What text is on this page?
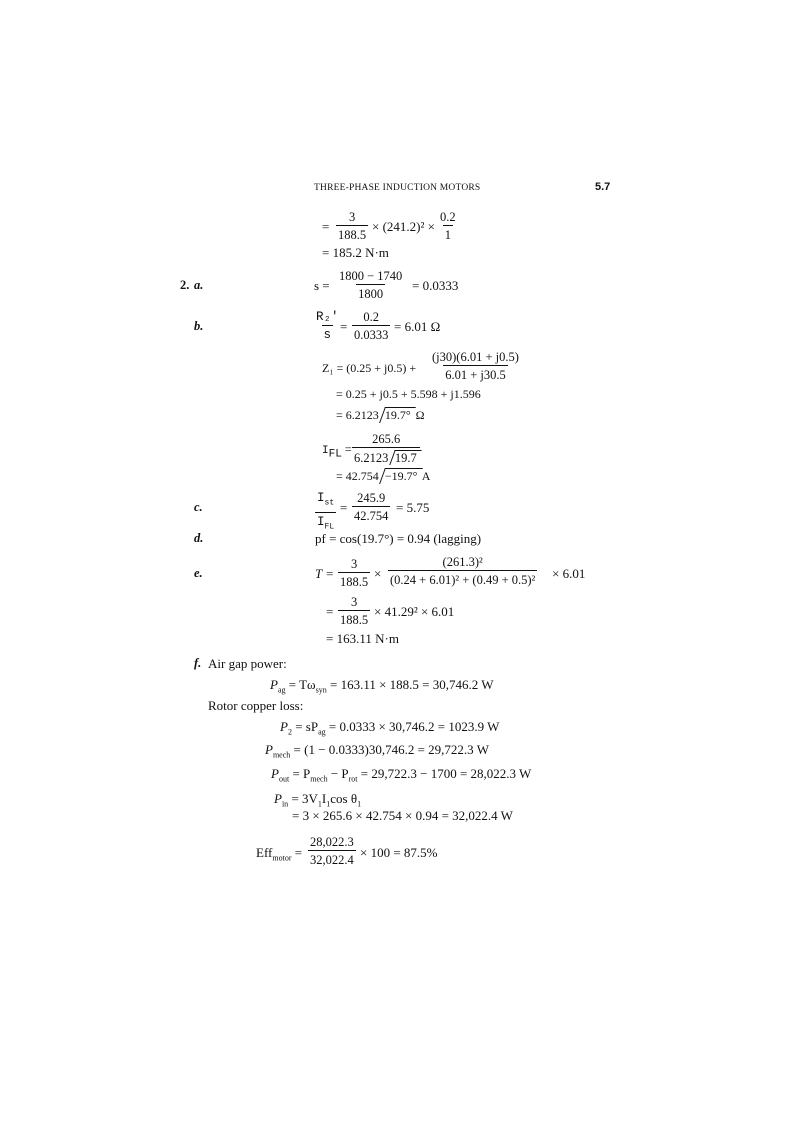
THREE-PHASE INDUCTION MOTORS	5.7
= $\frac{3}{188.5} \times (241.2)^2 \times \frac{0.2}{1}$
= 185.2 N·m
2. a.	$s = \frac{1800 - 1740}{1800} = 0.0333$
b.	$\frac{\text{R₂′}}{s} = \frac{0.2}{0.0333} = 6.01$ Ω
$Z_1 = (0.25 + j0.5) + \frac{(j30)(6.01 + j0.5)}{6.01 + j30.5}$
= 0.25 + j0.5 + 5.598 + j1.596
= 6.2123 19.7° Ω
$I_{FL} = \frac{265.6}{6.2123 19.7}$
= 42.754 −19.7° A
c.
$I_{st}$
$I_{FL}$
= $\frac{245.9}{42.754} = 5.75$
d.	pf = cos(19.7°) = 0.94 (lagging)
e.	$T = \frac{3}{188.5} \times \frac{\text{(261.3)²}}{\text{(0.24 + 6.01)² + (0.49 + 0.5)²}} \times 6.01$
= $\frac{3}{188.5} \times 41.29^2 \times 6.01$
= 163.11 N·m
f. Air gap power:
$P_{ag} = T\omega_{syn} = 163.11 \times 188.5 = 30,746.2$ W
Rotor copper loss:
$P_2 = sP_{ag} = 0.0333 \times 30,746.2 = 1023.9$ W
$P_{mech} = (1 - 0.0333)30,746.2 = 29,722.3$ W
$P_{out} = P_{mech} - P_{rot} = 29,722.3 - 1700 = 28,022.3$ W
$P_{in} = 3V_1I_1\cos$ $\theta_1$
= 3 × 265.6 × 42.754 × 0.94 = 32,022.4 W
$Eff_{motor} = \frac{28,022.3}{32,022.4} \times 100 = 87.5\%$
